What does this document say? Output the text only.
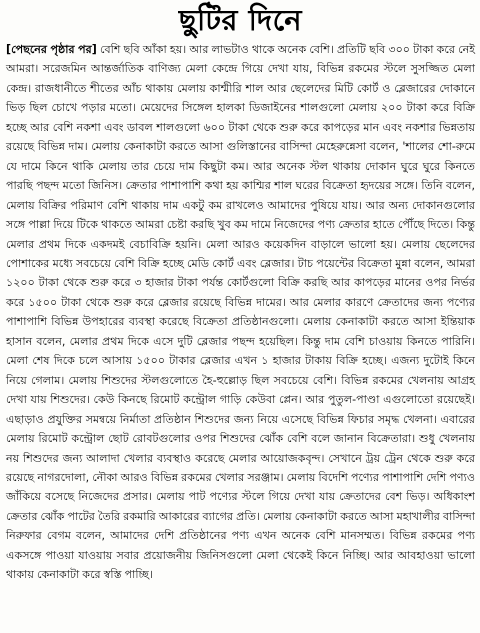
ছুটির দিনে

[পেছনের পৃষ্ঠার পর] বেশি ছবি আঁকা হয়। আর লাভটাও থাকে অনেক বেশি। প্রতিটি ছবি ৩০০ টাকা করে নেই আমরা। সরেজমিন আন্তর্জাতিক বাণিজ্য মেলা কেন্দ্রে গিয়ে দেখা যায়, বিভিন্ন রকমের স্টলে সুসজ্জিত মেলা কেন্দ্র। রাজধানীতে শীতের আঁচ থাকায় মেলায় কাশ্মীরি শাল আর ছেলেদের মিটি কোর্ট ও ব্লেজারের দোকানে ভিড় ছিল চোখে পড়ার মতো। মেয়েদের সিঙ্গেল হালকা ডিজাইনের শালগুলো মেলায় ২০০ টাকা করে বিক্রি হচ্ছে আর বেশি নকশা এবং ডাবল শালগুলো ৬০০ টাকা থেকে শুরু করে কাপড়ের মান এবং নকশার ভিন্নতায় রয়েছে বিভিন্ন দাম। মেলায় কেনাকাটা করতে আসা গুলিস্তানের বাসিন্দা মেহেরুন্নেসা বলেন, 'শালের শো-রুমে যে দামে কিনে থাকি মেলায় তার চেয়ে দাম কিছুটা কম। আর অনেক স্টল থাকায় দোকান ঘুরে ঘুরে কিনতে পারছি পছন্দ মতো জিনিস। ক্রেতার পাশাপাশি কথা হয় কাশ্মির শাল ঘরের বিক্রেতা হৃদয়ের সঙ্গে। তিনি বলেন, মেলায় বিক্রির পরিমাণ বেশি থাকায় দাম একটু কম রাখলেও আমাদের পুষিয়ে যায়। আর অন্য দোকানগুলোর সঙ্গে পাল্লা দিয়ে টিকে থাকতে আমরা চেষ্টা করছি খুব কম দামে নিজেদের পণ্য ক্রেতার হাতে পৌঁছে দিতে। কিন্তু মেলার প্রথম দিকে একদমই বেচাবিক্রি হয়নি। মেলা আরও কয়েকদিন বাড়ালে ভালো হয়। মেলায় ছেলেদের পোশাকের মধ্যে সবচেয়ে বেশি বিক্রি হচ্ছে মেডি কোর্ট এবং ব্লেজার। টাচ পয়েন্টের বিক্রেতা মুন্না বলেন, আমরা ১২০০ টাকা থেকে শুরু করে ৩ হাজার টাকা পর্যন্ত কোর্টগুলো বিক্রি করছি আর কাপড়ের মানের ওপর নির্ভর করে ১৫০০ টাকা থেকে শুরু করে ব্লেজার রয়েছে বিভিন্ন দামের। আর মেলার কারণে ক্রেতাদের জন্য পণ্যের পাশাপাশি বিভিন্ন উপহারের ব্যবস্থা করেছে বিক্রেতা প্রতিষ্ঠানগুলো। মেলায় কেনাকাটা করতে আসা ইন্তিয়াক হাসান বলেন, মেলার প্রথম দিকে এসে দুটি ব্লেজার পছন্দ হয়েছিল। কিন্তু দাম বেশি চাওয়ায় কিনতে পারিনি। মেলা শেষ দিকে চলে আসায় ১৫০০ টাকার ব্লেজার এখন ১ হাজার টাকায় বিক্রি হচ্ছে। এজন্য দুটোই কিনে নিয়ে গেলাম। মেলায় শিশুদের স্টলগুলোতে হৈ-হুল্লোড় ছিল সবচেয়ে বেশি। বিভিন্ন রকমের খেলনায় আগ্রহ দেখা যায় শিশুদের। কেউ কিনছে রিমোট কন্ট্রোল গাড়ি কেউবা প্লেন। আর পুতুল-পাণ্ডা এগুলোতো রয়েছেই। এছাড়াও প্রযুক্তির সমন্বয়ে নির্মাতা প্রতিষ্ঠান শিশুদের জন্য নিয়ে এসেছে বিভিন্ন ফিচার সমৃদ্ধ খেলনা। এবারের মেলায় রিমোট কন্ট্রোল ছোট রোবটগুলোর ওপর শিশুদের ঝোঁক বেশি বলে জানান বিক্রেতারা। শুধু খেলনায় নয় শিশুদের জন্য আলাদা খেলার ব্যবস্থাও করেছে মেলার আয়োজকবৃন্দ। সেখানে ট্রয় ট্রেন থেকে শুরু করে রয়েছে নাগরদোলা, নৌকা আরও বিভিন্ন রকমের খেলার সরঞ্জাম। মেলায় বিদেশি পণ্যের পাশাপাশি দেশি পণ্যও জাঁকিয়ে বসেছে নিজেদের প্রসার। মেলায় পাট পণ্যের স্টলে গিয়ে দেখা যায় ক্রেতাদের বেশ ভিড়। অধিকাংশ ক্রেতার ঝোঁক পাটের তৈরি রকমারি আকারের ব্যাগের প্রতি। মেলায় কেনাকাটা করতে আসা মহাখালীর বাসিন্দা নিরুফার বেগম বলেন, আমাদের দেশি প্রতিষ্ঠানের পণ্য এখন অনেক বেশি মানসম্মত। বিভিন্ন রকমের পণ্য একসঙ্গে পাওয়া যাওয়ায় সবার প্রয়োজনীয় জিনিসগুলো মেলা থেকেই কিনে নিচ্ছি। আর আবহাওয়া ভালো থাকায় কেনাকাটা করে স্বস্তি পাচ্ছি।
